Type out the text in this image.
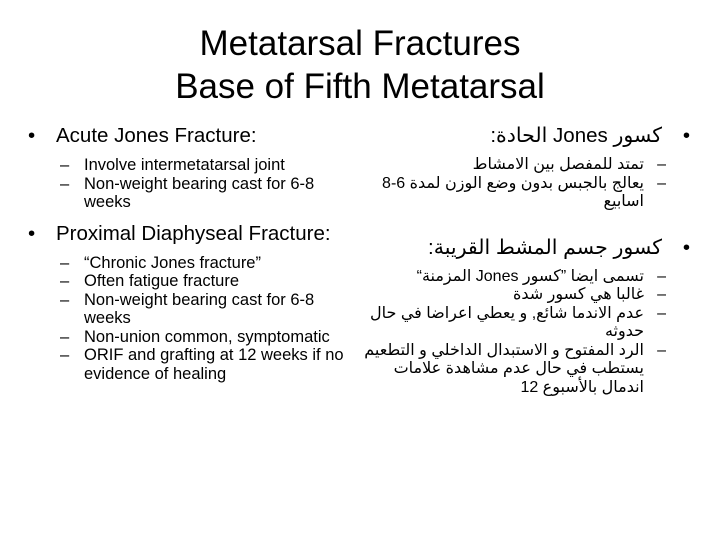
Metatarsal Fractures
Base of Fifth Metatarsal
• Acute Jones Fracture:
– Involve intermetatarsal joint
– Non-weight bearing cast for 6-8 weeks
• Proximal Diaphyseal Fracture:
– “Chronic Jones fracture”
– Often fatigue fracture
– Non-weight bearing cast for 6-8 weeks
– Non-union common, symptomatic
– ORIF and grafting at 12 weeks if no evidence of healing
•
كسور Jones الحادة:
–
تمتد للمفصل بين الامشاط
–
يعالج بالجبس بدون وضع الوزن لمدة 6-8 اسابيع
•
كسور جسم المشط القريبة:
–
تسمى ايضا ”كسور Jones المزمنة“
–
غالبا هي كسور شدة
–
عدم الاندما شائع, و يعطي اعراضا في حال حدوثه
–
الرد المفتوح و الاستبدال الداخلي و التطعيم يستطب في حال عدم مشاهدة علامات اندمال بالأسبوع 12
